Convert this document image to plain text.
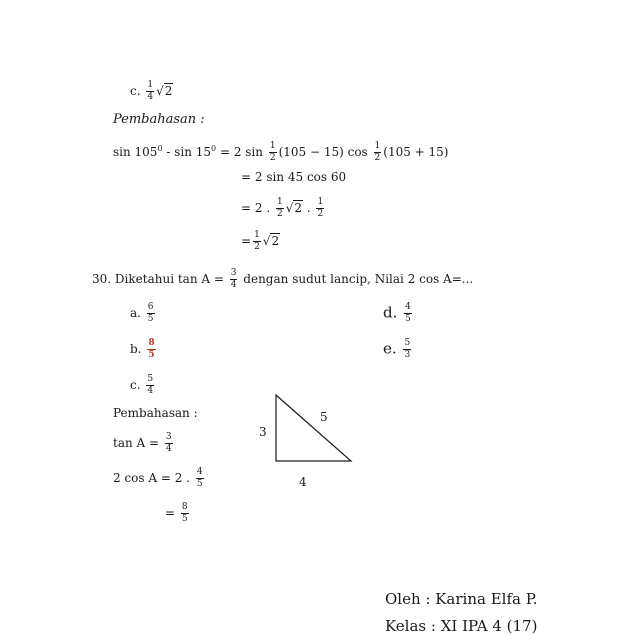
c. $\frac{1}{4} √2$
Pembahasan :
$\sin 105^0 - \sin 15^0 = 2$ $\sin \frac{1}{2} (105 - 15)$ $\cos \frac{1}{2} (105 + 15)$
= 2 sin 45 cos 60
= 2 . $\frac{1}{2} √2$ . $\frac{1}{2}$
= $\frac{1}{2} √2$
30. Diketahui $\tan A = \frac{3}{4}$ dengan sudut lancip, Nilai 2 cos A=...
a. $\frac{6}{5}$
b. $\frac{8}{5}$
c. $\frac{5}{4}$
d. $\frac{4}{5}$
e. $\frac{5}{3}$
Pembahasan :
$\tan A = \frac{3}{4}$
2 cos A = 2 . $\frac{4}{5}$
= $\frac{8}{5}$
3
4
5
Oleh : Karina Elfa P.
Kelas : XI IPA 4 (17)
